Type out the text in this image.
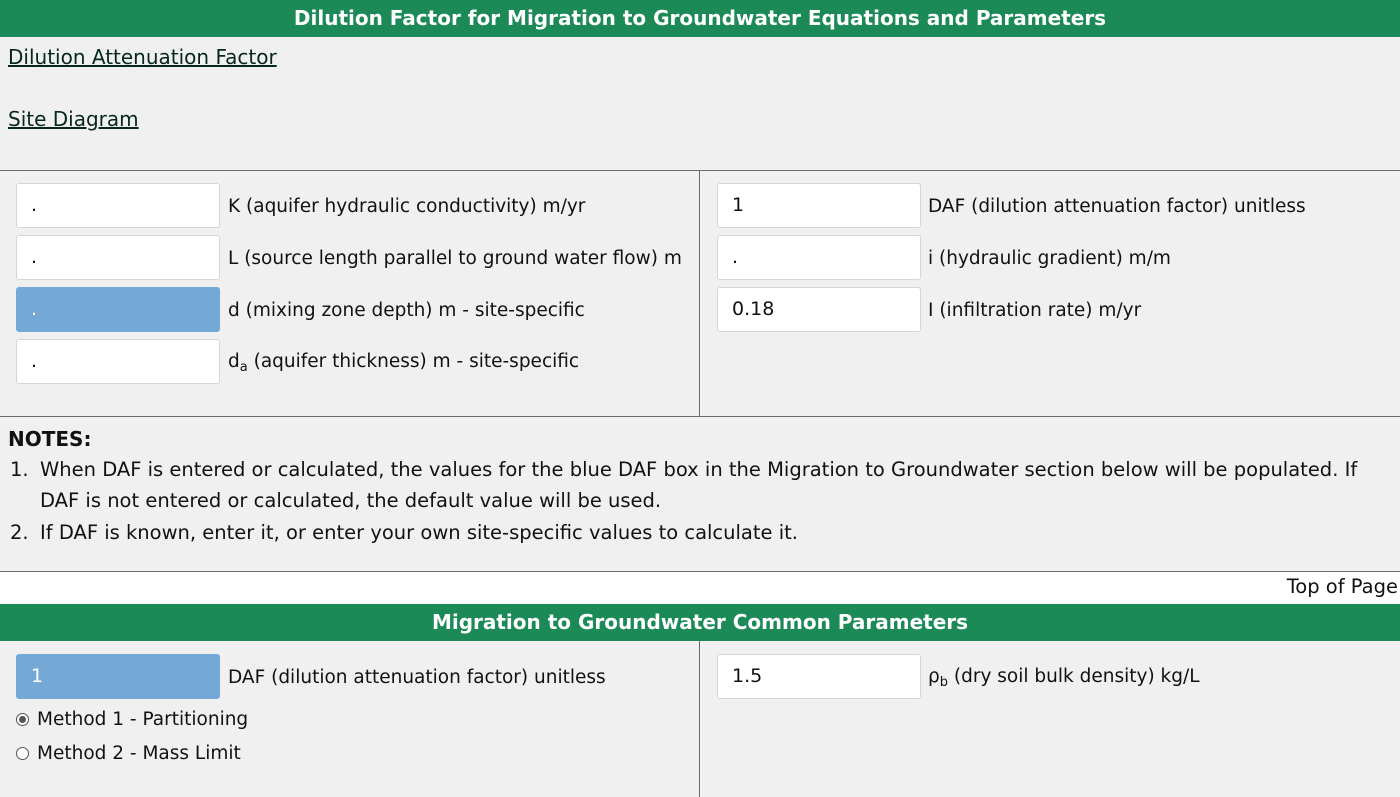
Dilution Factor for Migration to Groundwater Equations and Parameters
Dilution Attenuation Factor
Site Diagram
.
K (aquifer hydraulic conductivity) m/yr
.
L (source length parallel to ground water flow) m
.
d (mixing zone depth) m - site-specific
.
$d_a$ (aquifer thickness) m - site-specific
1
DAF (dilution attenuation factor) unitless
.
i (hydraulic gradient) m/m
0.18
I (infiltration rate) m/yr
NOTES:
1. When DAF is entered or calculated, the values for the blue DAF box in the Migration to Groundwater section below will be populated. If DAF is not entered or calculated, the default value will be used.
2. If DAF is known, enter it, or enter your own site-specific values to calculate it.
Top of Page
Migration to Groundwater Common Parameters
1
DAF (dilution attenuation factor) unitless
Method 1 - Partitioning
Method 2 - Mass Limit
1.5
$\rho_b$ (dry soil bulk density) kg/L
